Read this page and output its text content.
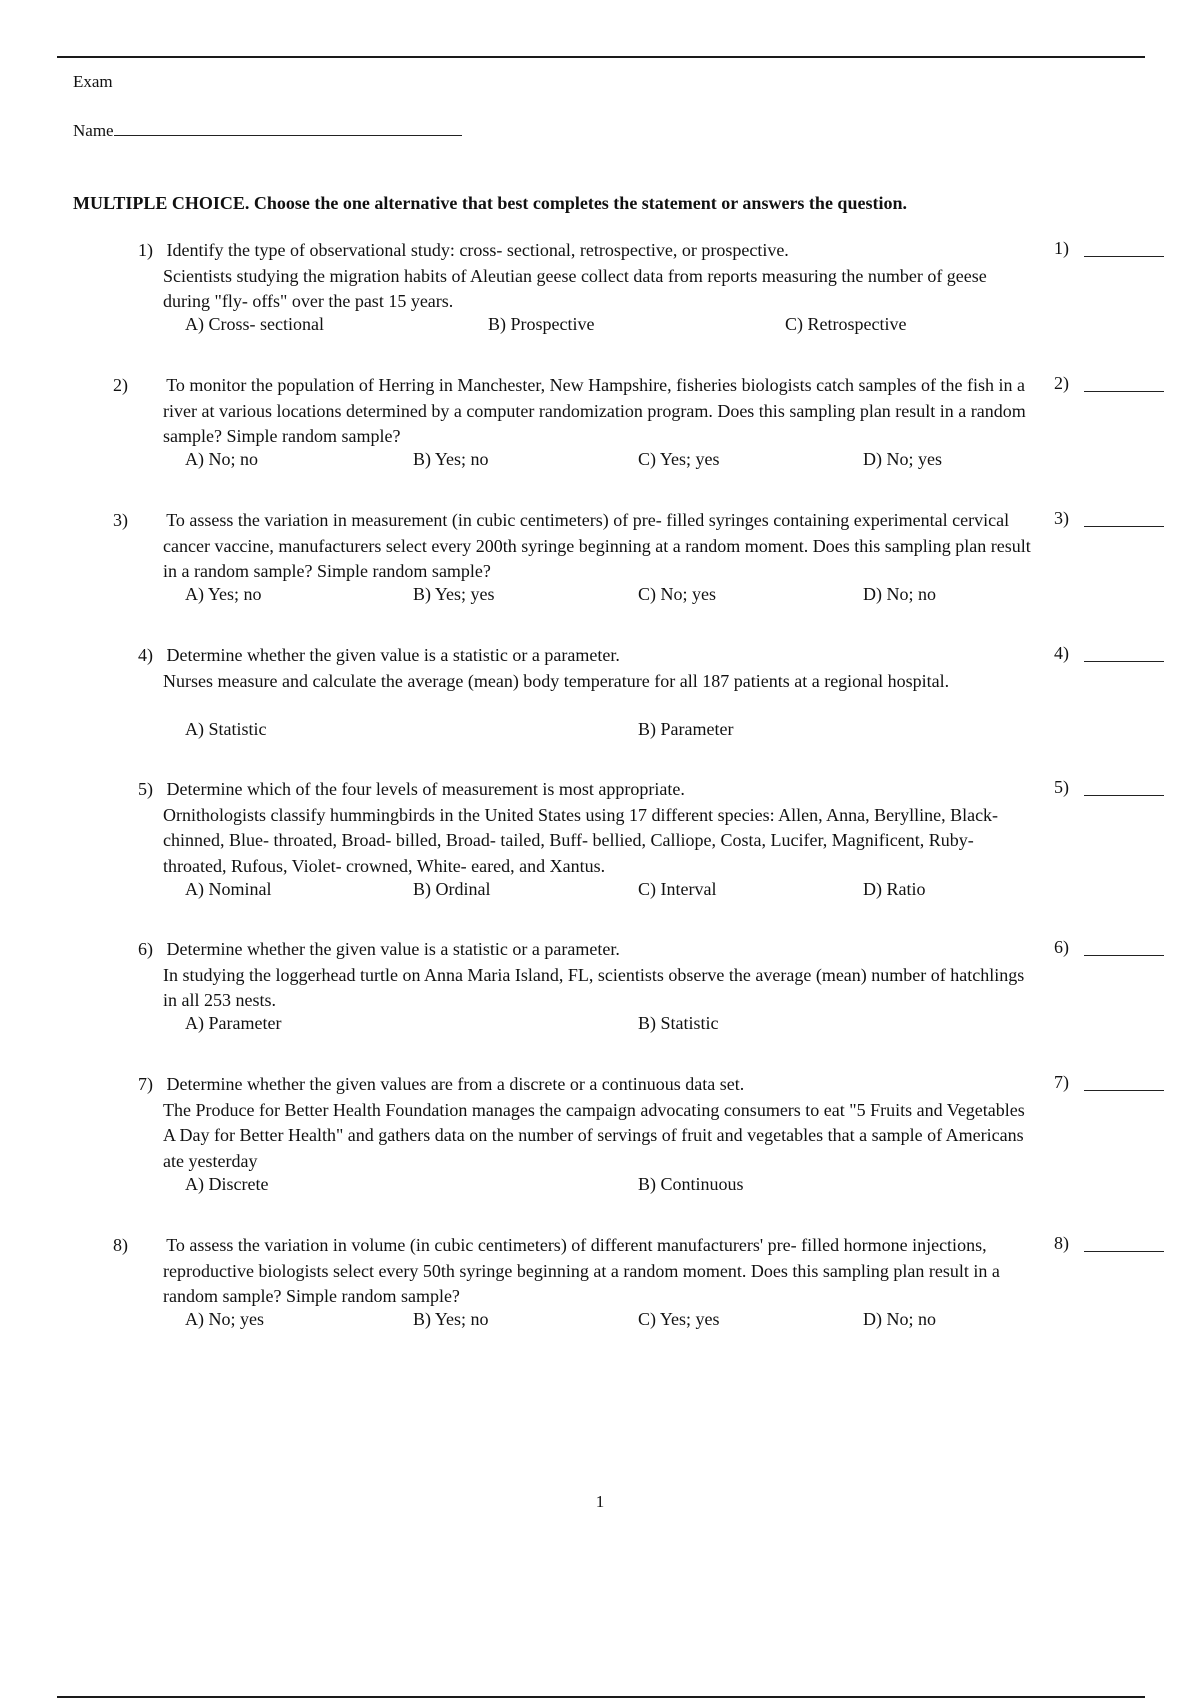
Exam
Name
MULTIPLE CHOICE. Choose the one alternative that best completes the statement or answers the question.
1) Identify the type of observational study: cross- sectional, retrospective, or prospective.
Scientists studying the migration habits of Aleutian geese collect data from reports measuring the number of geese during "fly- offs" over the past 15 years.
1)
A) Cross- sectional	B) Prospective	C) Retrospective
2) To monitor the population of Herring in Manchester, New Hampshire, fisheries biologists catch samples of the fish in a river at various locations determined by a computer randomization program. Does this sampling plan result in a random sample? Simple random sample?
2)
A) No; no	B) Yes; no	C) Yes; yes	D) No; yes
3) To assess the variation in measurement (in cubic centimeters) of pre- filled syringes containing experimental cervical cancer vaccine, manufacturers select every 200th syringe beginning at a random moment. Does this sampling plan result in a random sample? Simple random sample?
3)
A) Yes; no	B) Yes; yes	C) No; yes	D) No; no
4) Determine whether the given value is a statistic or a parameter.
Nurses measure and calculate the average (mean) body temperature for all 187 patients at a regional hospital.
4)
A) Statistic	B) Parameter
5) Determine which of the four levels of measurement is most appropriate.
Ornithologists classify hummingbirds in the United States using 17 different species: Allen, Anna, Berylline, Black- chinned, Blue- throated, Broad- billed, Broad- tailed, Buff- bellied, Calliope, Costa, Lucifer, Magnificent, Ruby- throated, Rufous, Violet- crowned, White- eared, and Xantus.
5)
A) Nominal	B) Ordinal	C) Interval	D) Ratio
6) Determine whether the given value is a statistic or a parameter.
In studying the loggerhead turtle on Anna Maria Island, FL, scientists observe the average (mean) number of hatchlings in all 253 nests.
6)
A) Parameter	B) Statistic
7) Determine whether the given values are from a discrete or a continuous data set.
The Produce for Better Health Foundation manages the campaign advocating consumers to eat "5 Fruits and Vegetables A Day for Better Health" and gathers data on the number of servings of fruit and vegetables that a sample of Americans ate yesterday
7)
A) Discrete	B) Continuous
8) To assess the variation in volume (in cubic centimeters) of different manufacturers' pre- filled hormone injections, reproductive biologists select every 50th syringe beginning at a random moment. Does this sampling plan result in a random sample? Simple random sample?
8)
A) No; yes	B) Yes; no	C) Yes; yes	D) No; no
1
